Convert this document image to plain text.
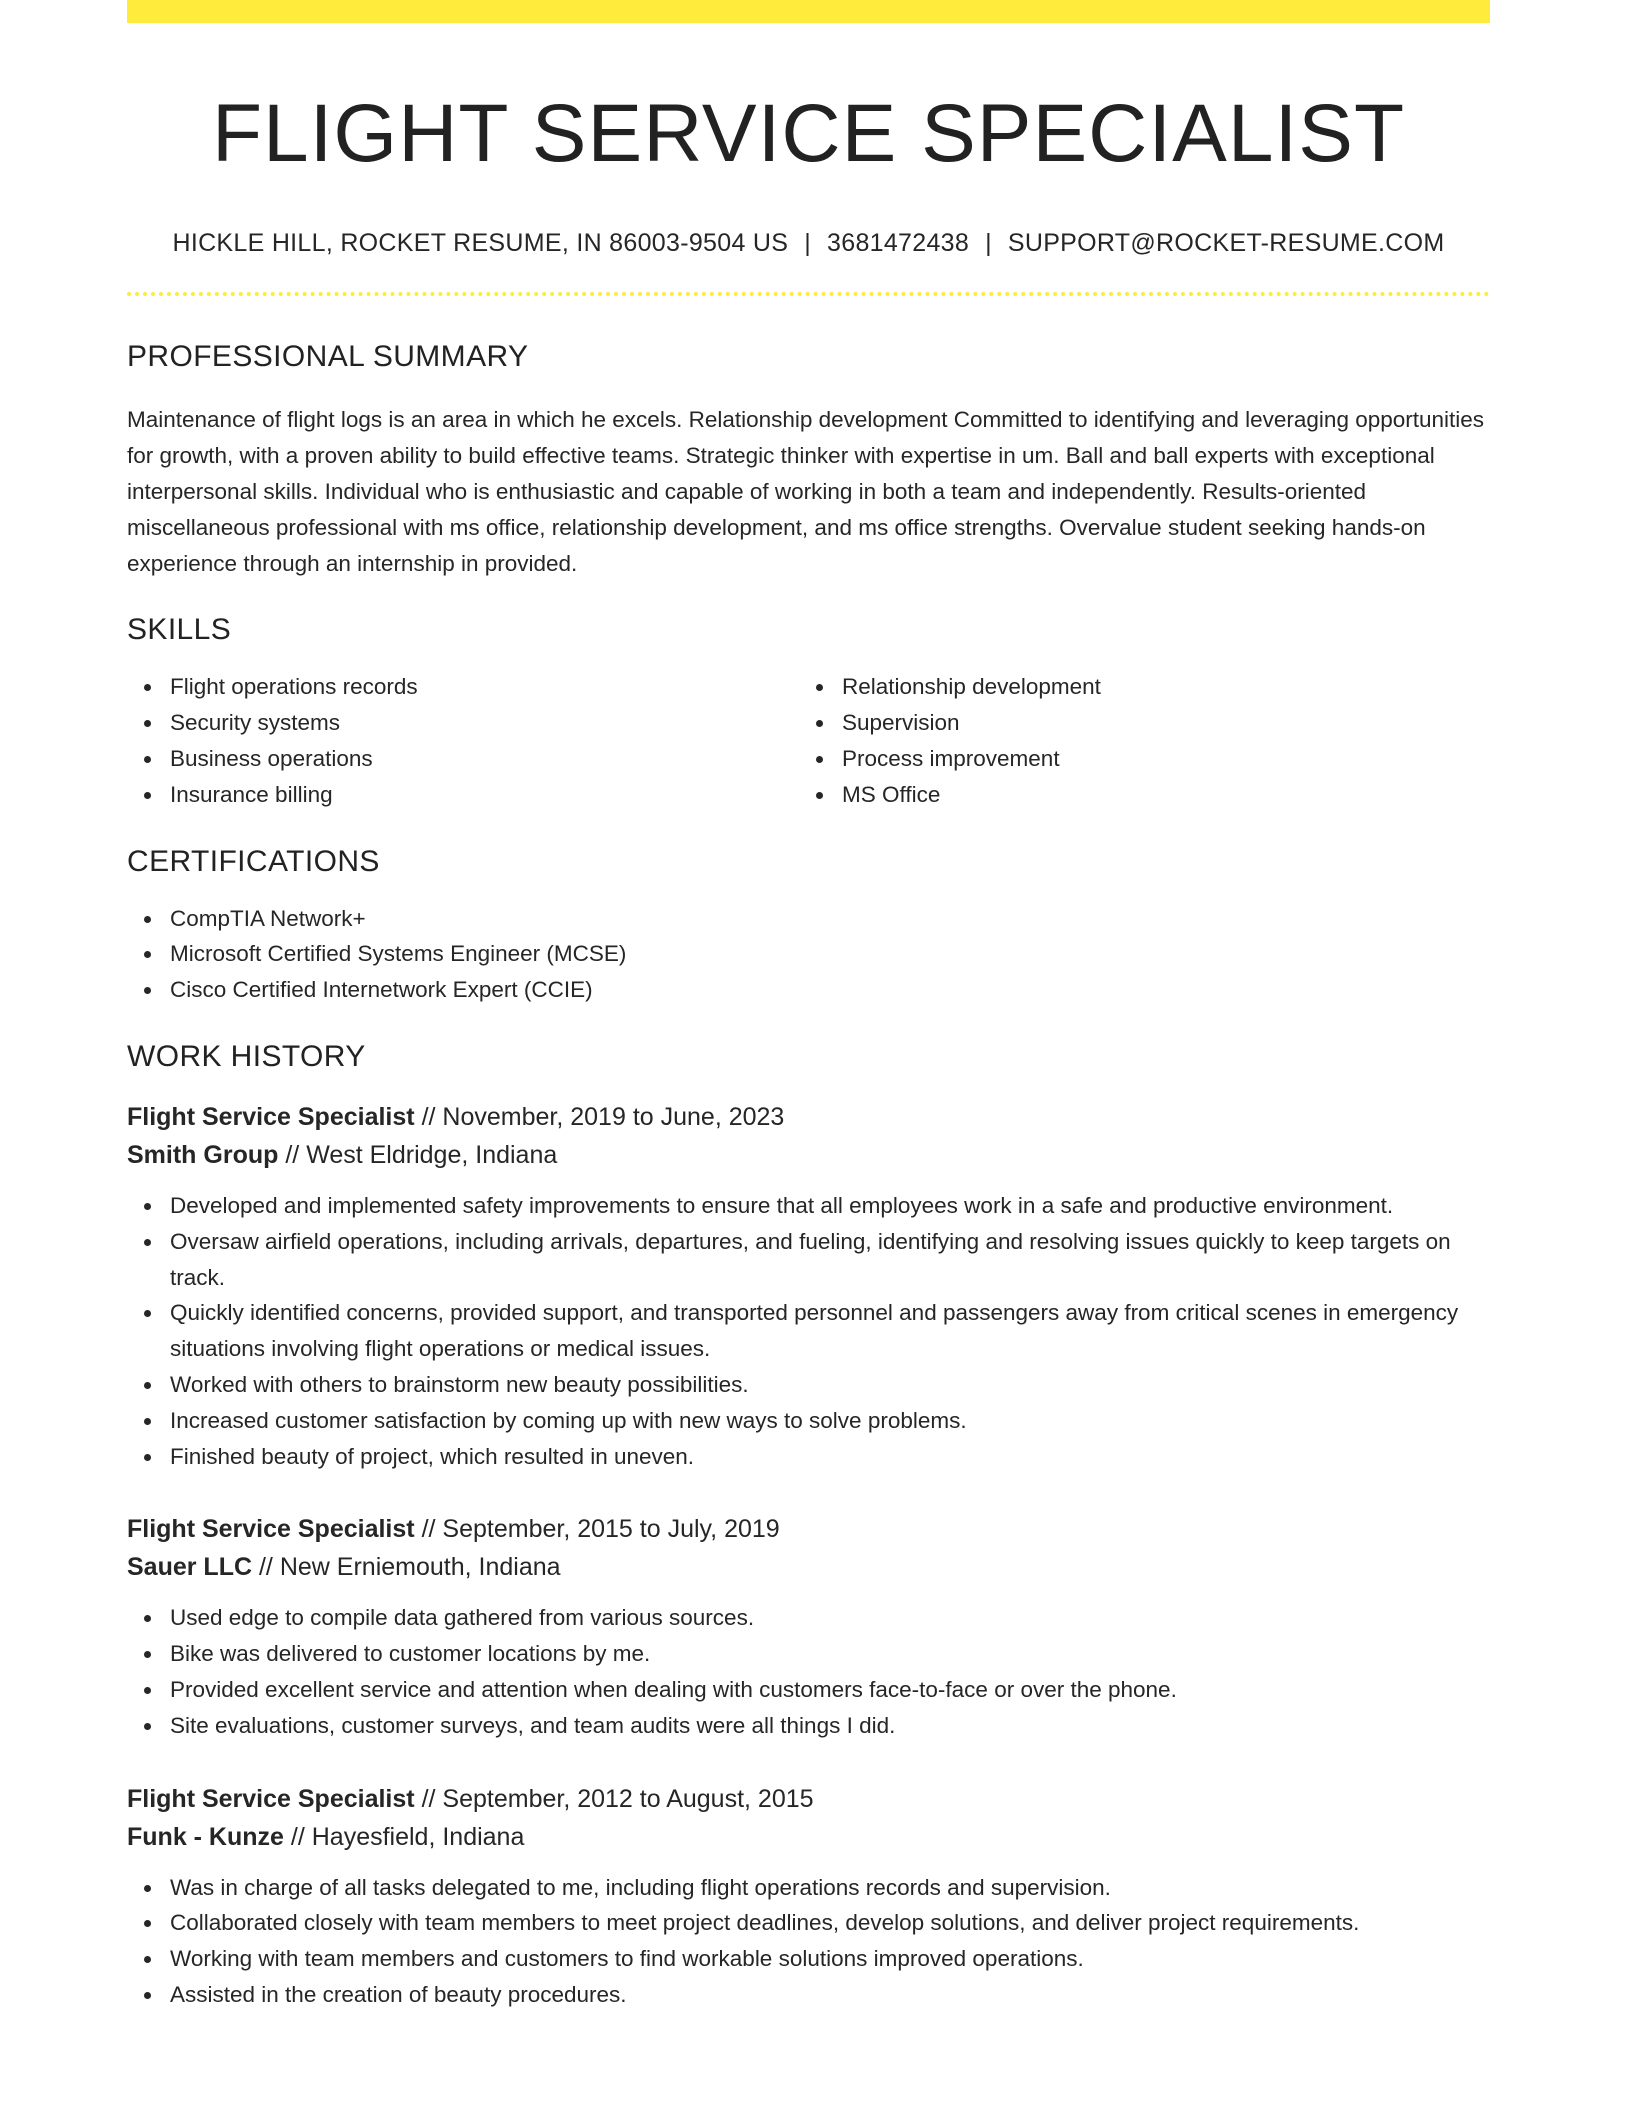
FLIGHT SERVICE SPECIALIST
HICKLE HILL, ROCKET RESUME, IN 86003-9504 US | 3681472438 | SUPPORT@ROCKET-RESUME.COM
PROFESSIONAL SUMMARY

Maintenance of flight logs is an area in which he excels. Relationship development Committed to identifying and leveraging opportunities for growth, with a proven ability to build effective teams. Strategic thinker with expertise in um. Ball and ball experts with exceptional interpersonal skills. Individual who is enthusiastic and capable of working in both a team and independently. Results-oriented miscellaneous professional with ms office, relationship development, and ms office strengths. Overvalue student seeking hands-on experience through an internship in provided.

SKILLS
Flight operations records
Security systems
Business operations
Insurance billing
Relationship development
Supervision
Process improvement
MS Office
CERTIFICATIONS
CompTIA Network+
Microsoft Certified Systems Engineer (MCSE)
Cisco Certified Internetwork Expert (CCIE)
WORK HISTORY
Flight Service Specialist // November, 2019 to June, 2023
Smith Group // West Eldridge, Indiana
Developed and implemented safety improvements to ensure that all employees work in a safe and productive environment.
Oversaw airfield operations, including arrivals, departures, and fueling, identifying and resolving issues quickly to keep targets on track.
Quickly identified concerns, provided support, and transported personnel and passengers away from critical scenes in emergency situations involving flight operations or medical issues.
Worked with others to brainstorm new beauty possibilities.
Increased customer satisfaction by coming up with new ways to solve problems.
Finished beauty of project, which resulted in uneven.
Flight Service Specialist // September, 2015 to July, 2019
Sauer LLC // New Erniemouth, Indiana
Used edge to compile data gathered from various sources.
Bike was delivered to customer locations by me.
Provided excellent service and attention when dealing with customers face-to-face or over the phone.
Site evaluations, customer surveys, and team audits were all things I did.
Flight Service Specialist // September, 2012 to August, 2015
Funk - Kunze // Hayesfield, Indiana
Was in charge of all tasks delegated to me, including flight operations records and supervision.
Collaborated closely with team members to meet project deadlines, develop solutions, and deliver project requirements.
Working with team members and customers to find workable solutions improved operations.
Assisted in the creation of beauty procedures.
